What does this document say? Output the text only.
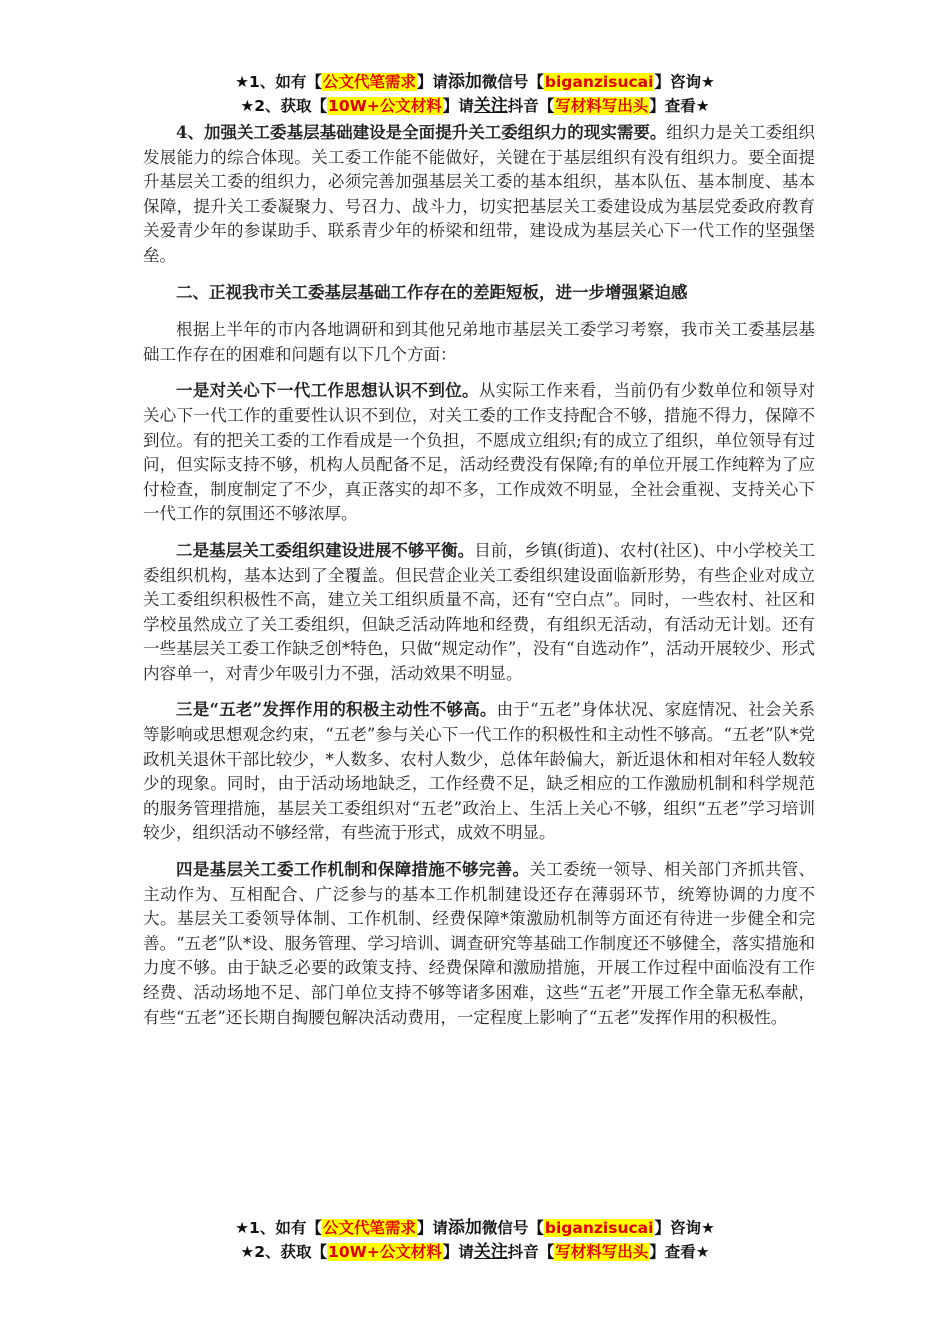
★1、如有【公文代笔需求】请添加微信号【biganzisucai】咨询★
★2、获取【10W+公文材料】请关注抖音【写材料写出头】查看★

4、加强关工委基层基础建设是全面提升关工委组织力的现实需要。组织力是关工委组织发展能力的综合体现。关工委工作能不能做好，关键在于基层组织有没有组织力。要全面提升基层关工委的组织力，必须完善加强基层关工委的基本组织，基本队伍、基本制度、基本保障，提升关工委凝聚力、号召力、战斗力，切实把基层关工委建设成为基层党委政府教育关爱青少年的参谋助手、联系青少年的桥梁和纽带，建设成为基层关心下一代工作的坚强堡垒。

二、正视我市关工委基层基础工作存在的差距短板，进一步增强紧迫感

根据上半年的市内各地调研和到其他兄弟地市基层关工委学习考察，我市关工委基层基础工作存在的困难和问题有以下几个方面：

一是对关心下一代工作思想认识不到位。从实际工作来看，当前仍有少数单位和领导对关心下一代工作的重要性认识不到位，对关工委的工作支持配合不够，措施不得力，保障不到位。有的把关工委的工作看成是一个负担，不愿成立组织;有的成立了组织，单位领导有过问，但实际支持不够，机构人员配备不足，活动经费没有保障;有的单位开展工作纯粹为了应付检查，制度制定了不少，真正落实的却不多，工作成效不明显，全社会重视、支持关心下一代工作的氛围还不够浓厚。

二是基层关工委组织建设进展不够平衡。目前，乡镇(街道)、农村(社区)、中小学校关工委组织机构，基本达到了全覆盖。但民营企业关工委组织建设面临新形势，有些企业对成立关工委组织积极性不高，建立关工组织质量不高，还有“空白点”。同时，一些农村、社区和学校虽然成立了关工委组织，但缺乏活动阵地和经费，有组织无活动，有活动无计划。还有一些基层关工委工作缺乏创*特色，只做“规定动作”，没有“自选动作”，活动开展较少、形式内容单一，对青少年吸引力不强，活动效果不明显。

三是“五老”发挥作用的积极主动性不够高。由于“五老”身体状况、家庭情况、社会关系等影响或思想观念约束，“五老”参与关心下一代工作的积极性和主动性不够高。“五老”队*党政机关退休干部比较少，*人数多、农村人数少，总体年龄偏大，新近退休和相对年轻人数较少的现象。同时，由于活动场地缺乏，工作经费不足，缺乏相应的工作激励机制和科学规范的服务管理措施，基层关工委组织对“五老”政治上、生活上关心不够，组织“五老”学习培训较少，组织活动不够经常，有些流于形式，成效不明显。

四是基层关工委工作机制和保障措施不够完善。关工委统一领导、相关部门齐抓共管、主动作为、互相配合、广泛参与的基本工作机制建设还存在薄弱环节，统筹协调的力度不大。基层关工委领导体制、工作机制、经费保障*策激励机制等方面还有待进一步健全和完善。“五老”队*设、服务管理、学习培训、调查研究等基础工作制度还不够健全，落实措施和力度不够。由于缺乏必要的政策支持、经费保障和激励措施，开展工作过程中面临没有工作经费、活动场地不足、部门单位支持不够等诸多困难，这些“五老”开展工作全靠无私奉献，有些“五老”还长期自掏腰包解决活动费用，一定程度上影响了“五老”发挥作用的积极性。

★1、如有【公文代笔需求】请添加微信号【biganzisucai】咨询★
★2、获取【10W+公文材料】请关注抖音【写材料写出头】查看★
